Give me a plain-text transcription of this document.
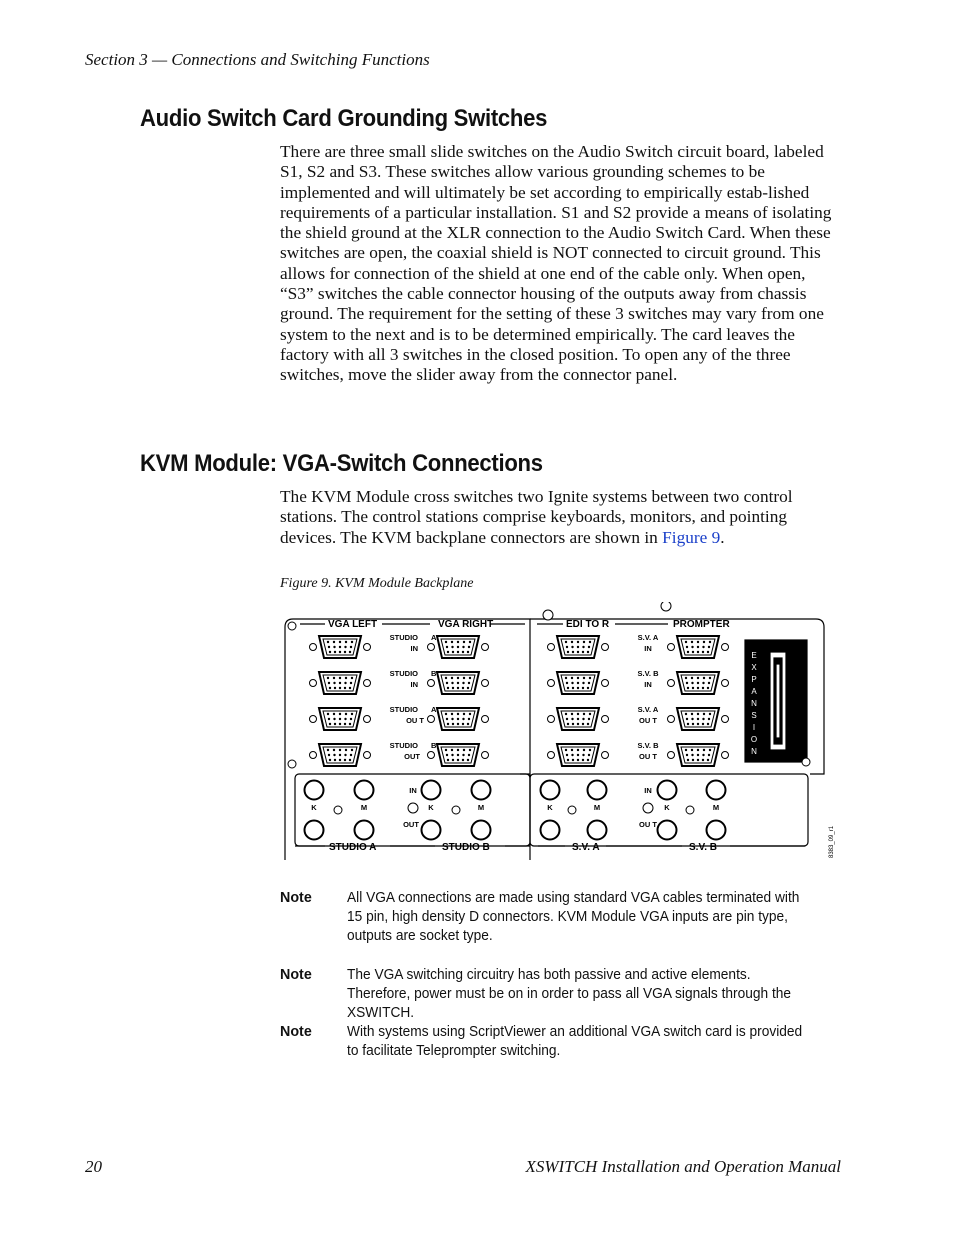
Section 3 — Connections and Switching Functions
Audio Switch Card Grounding Switches

There are three small slide switches on the Audio Switch circuit board, labeled S1, S2 and S3. These switches allow various grounding schemes to be implemented and will ultimately be set according to empirically estab-lished requirements of a particular installation. S1 and S2 provide a means of isolating the shield ground at the XLR connection to the Audio Switch Card. When these switches are open, the coaxial shield is NOT connected to circuit ground. This allows for connection of the shield at one end of the cable only. When open, “S3” switches the cable connector housing of the outputs away from chassis ground. The requirement for the setting of these 3 switches may vary from one system to the next and is to be determined empirically. The card leaves the factory with all 3 switches in the closed position. To open any of the three switches, move the slider away from the connector panel.

KVM Module: VGA-Switch Connections

The KVM Module cross switches two Ignite systems between two control stations. The control stations comprise keyboards, monitors, and pointing devices. The KVM backplane connectors are shown in Figure 9.

Figure 9. KVM Module Backplane
VGA LEFT	VGA RIGHT	EDI TO R	PROMPTER
STUDIO
IN
STUDIO
IN
STUDIO
OU T
STUDIO
OUT
A
B
A
B
S.V. A
IN
S.V. B
IN
S.V. A
OU T
S.V. B
OU T
E
X
P
A
N
S
I
O
N
IN
OUT
IN
OU T
K	M	K	M	K	M	K	M
STUDIO A	STUDIO B	S.V. A	S.V. B	8383_09_r1
Note All VGA connections are made using standard VGA cables terminated with 15 pin, high density D connectors. KVM Module VGA inputs are pin type, outputs are socket type.
Note The VGA switching circuitry has both passive and active elements. Therefore, power must be on in order to pass all VGA signals through the XSWITCH.
Note With systems using ScriptViewer an additional VGA switch card is provided to facilitate Teleprompter switching.
20	XSWITCH Installation and Operation Manual
